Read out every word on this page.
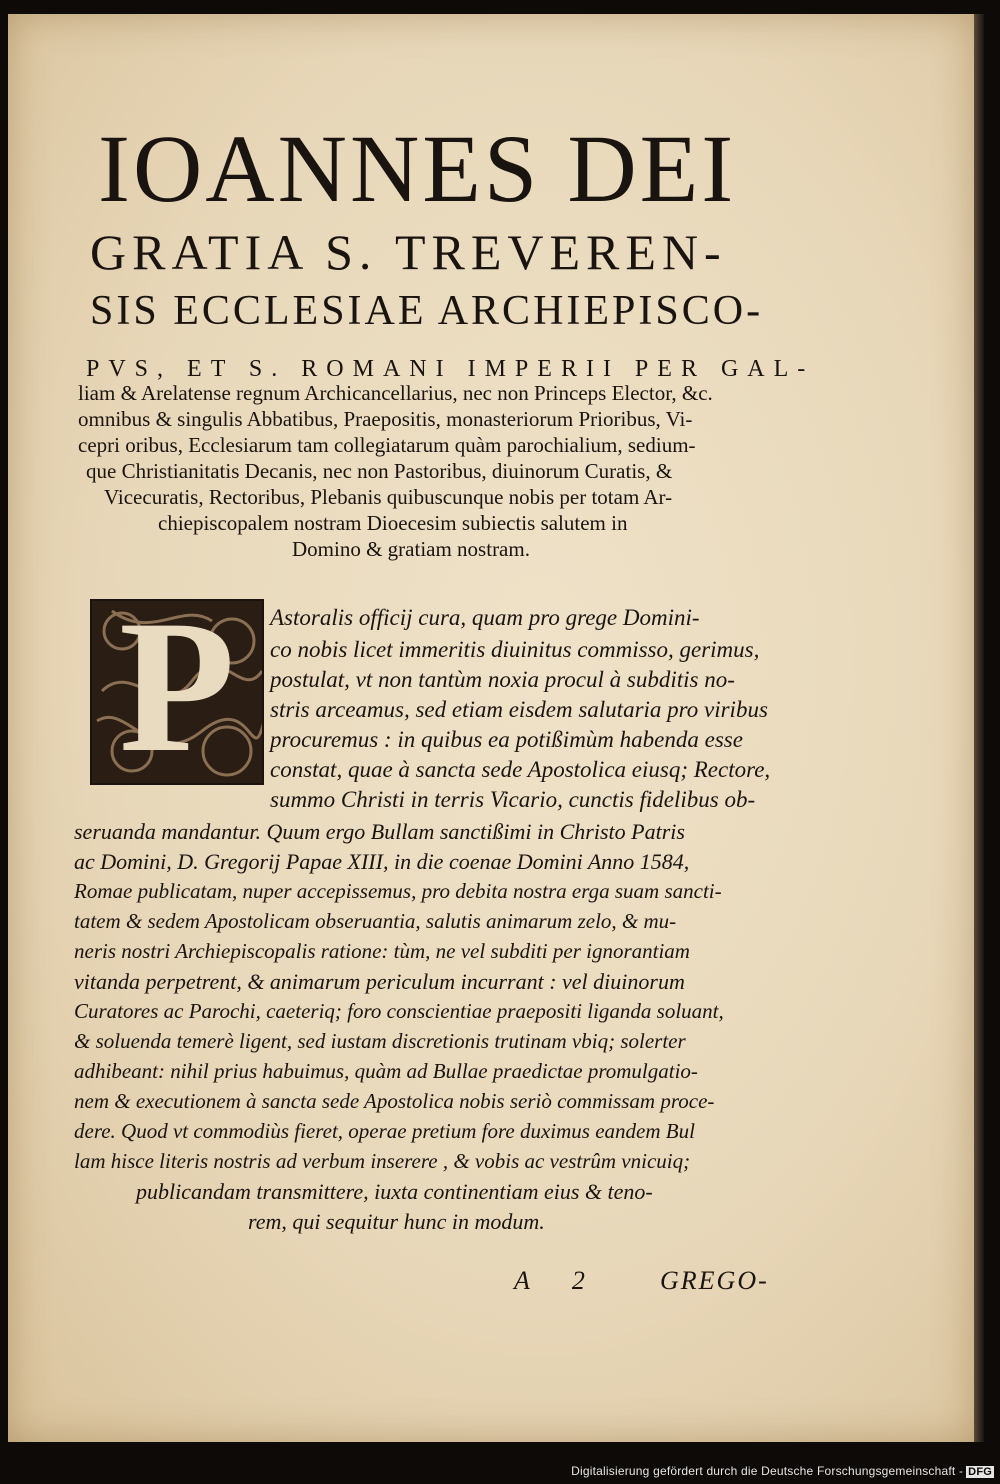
IOANNES DEI
GRATIA S. TREVEREN-
SIS ECCLESIAE ARCHIEPISCO-
PVS, ET S. ROMANI IMPERII PER GAL-
liam & Arelatense regnum Archicancellarius, nec non Princeps Elector, &c.
omnibus & singulis Abbatibus, Praepositis, monasteriorum Prioribus, Vi-
cepri oribus, Ecclesiarum tam collegiatarum quàm parochialium, sedium-
que Christianitatis Decanis, nec non Pastoribus, diuinorum Curatis, &
Vicecuratis, Rectoribus, Plebanis quibuscunque nobis per totam Ar-
chiepiscopalem nostram Dioecesim subiectis salutem in
Domino & gratiam nostram.
P	Astoralis officij cura, quam pro grege Domini-
co nobis licet immeritis diuinitus commisso, gerimus,
postulat, vt non tantùm noxia procul à subditis no-
stris arceamus, sed etiam eisdem salutaria pro viribus
procuremus : in quibus ea potißimùm habenda esse
constat, quae à sancta sede Apostolica eiusq; Rectore,
summo Christi in terris Vicario, cunctis fidelibus ob-
seruanda mandantur. Quum ergo Bullam sanctißimi in Christo Patris
ac Domini, D. Gregorij Papae XIII, in die coenae Domini Anno 1584,
Romae publicatam, nuper accepissemus, pro debita nostra erga suam sancti-
tatem & sedem Apostolicam obseruantia, salutis animarum zelo, & mu-
neris nostri Archiepiscopalis ratione: tùm, ne vel subditi per ignorantiam
vitanda perpetrent, & animarum periculum incurrant : vel diuinorum
Curatores ac Parochi, caeteriq; foro conscientiae praepositi liganda soluant,
& soluenda temerè ligent, sed iustam discretionis trutinam vbiq; solerter
adhibeant: nihil prius habuimus, quàm ad Bullae praedictae promulgatio-
nem & executionem à sancta sede Apostolica nobis seriò commissam proce-
dere. Quod vt commodiùs fieret, operae pretium fore duximus eandem Bul
lam hisce literis nostris ad verbum inserere , & vobis ac vestrûm vnicuiq;
publicandam transmittere, iuxta continentiam eius & teno-
rem, qui sequitur hunc in modum.
A 2 GREGO-
Digitalisierung gefördert durch die Deutsche Forschungsgemeinschaft - DFG
